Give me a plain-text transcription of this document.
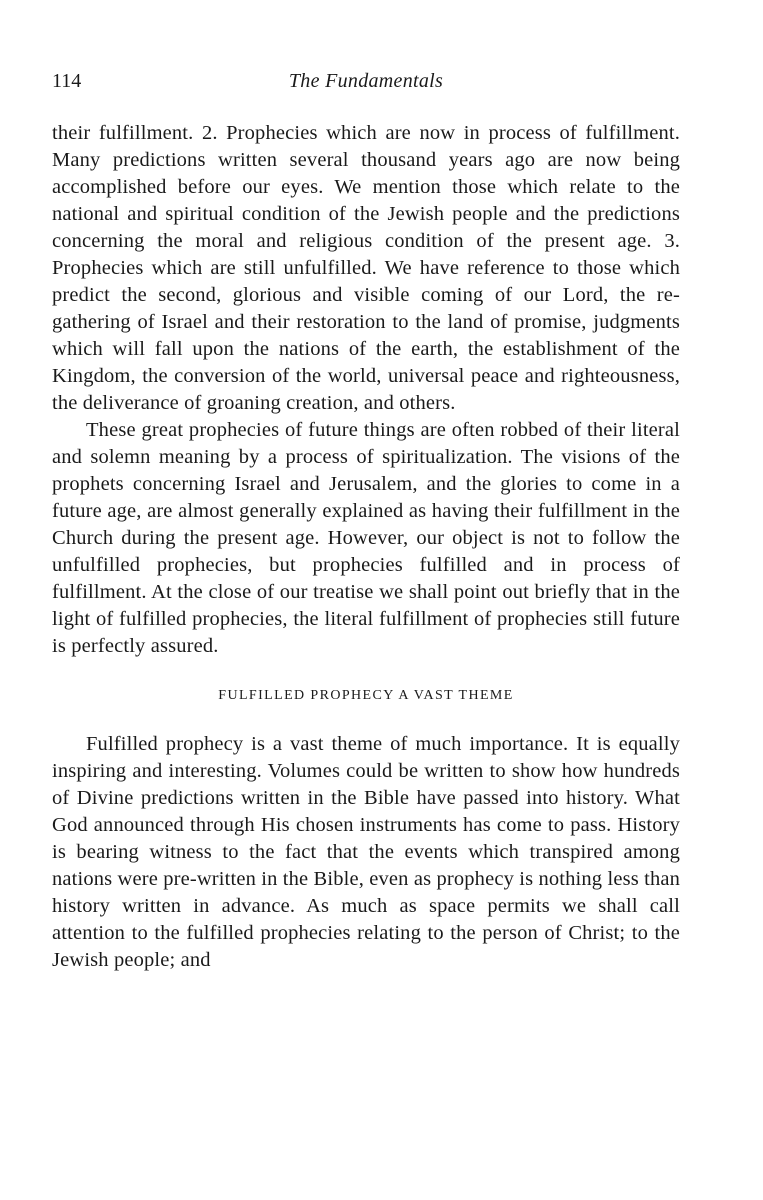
114	The Fundamentals

their fulfillment. 2. Prophecies which are now in process of fulfillment. Many predictions written several thousand years ago are now being accomplished before our eyes. We mention those which relate to the national and spiritual condition of the Jewish people and the predictions concerning the moral and religious condition of the present age. 3. Prophecies which are still unfulfilled. We have reference to those which predict the second, glorious and visible coming of our Lord, the re-gathering of Israel and their restoration to the land of promise, judgments which will fall upon the nations of the earth, the establishment of the Kingdom, the conversion of the world, universal peace and righteousness, the deliverance of groaning creation, and others.

These great prophecies of future things are often robbed of their literal and solemn meaning by a process of spiritualization. The visions of the prophets concerning Israel and Jerusalem, and the glories to come in a future age, are almost generally explained as having their fulfillment in the Church during the present age. However, our object is not to follow the unfulfilled prophecies, but prophecies fulfilled and in process of fulfillment. At the close of our treatise we shall point out briefly that in the light of fulfilled prophecies, the literal fulfillment of prophecies still future is perfectly assured.

FULFILLED PROPHECY A VAST THEME

Fulfilled prophecy is a vast theme of much importance. It is equally inspiring and interesting. Volumes could be written to show how hundreds of Divine predictions written in the Bible have passed into history. What God announced through His chosen instruments has come to pass. History is bearing witness to the fact that the events which transpired among nations were pre-written in the Bible, even as prophecy is nothing less than history written in advance. As much as space permits we shall call attention to the fulfilled prophecies relating to the person of Christ; to the Jewish people; and
